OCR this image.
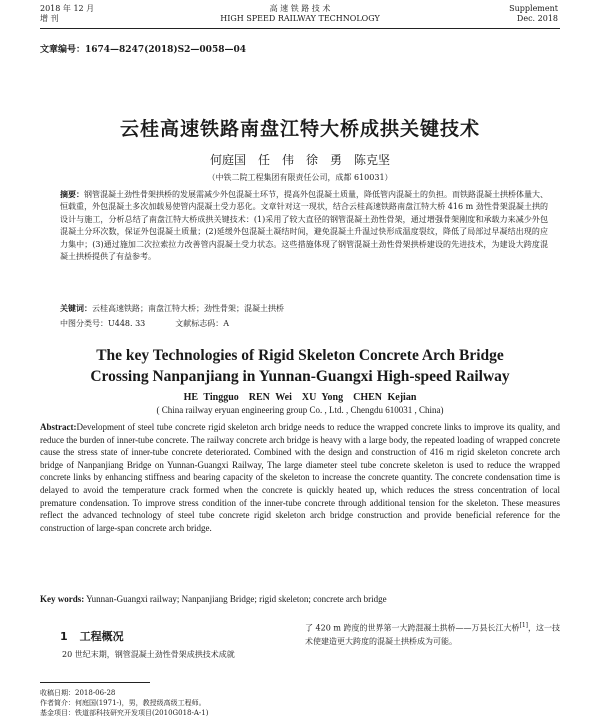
2018 年 12 月
增 刊
高 速 铁 路 技 术
HIGH SPEED RAILWAY TECHNOLOGY
Supplement
Dec. 2018
文章编号：1674—8247(2018)S2—0058—04
云桂高速铁路南盘江特大桥成拱关键技术
何庭国　任　伟　徐　勇　陈克坚
（中铁二院工程集团有限责任公司，成都 610031）
摘要：钢管混凝土劲性骨架拱桥的发展需减少外包混凝土环节，提高外包混凝土质量，降低管内混凝土的负担。而铁路混凝土拱桥体量大、恒载重，外包混凝土多次加载易使管内混凝土受力恶化。文章针对这一现状，结合云桂高速铁路南盘江特大桥 416 m 劲性骨架混凝土拱的设计与施工，分析总结了南盘江特大桥成拱关键技术：(1)采用了较大直径的钢管混凝土劲性骨架，通过增强骨架刚度和承载力来减少外包混凝土分环次数，保证外包混凝土质量；(2)延缓外包混凝土凝结时间，避免混凝土升温过快形成温度裂纹，降低了局部过早凝结出现的应力集中；(3)通过施加二次拉索拉力改善管内混凝土受力状态。这些措施体现了钢管混凝土劲性骨架拱桥建设的先进技术，为建设大跨度混凝土拱桥提供了有益参考。
关键词：云桂高速铁路；南盘江特大桥；劲性骨架；混凝土拱桥
中图分类号：U448. 33	文献标志码：A
The key Technologies of Rigid Skeleton Concrete Arch Bridge
Crossing Nanpanjiang in Yunnan-Guangxi High-speed Railway
HE Tingguo　REN Wei　XU Yong　CHEN Kejian
( China railway eryuan engineering group Co. , Ltd. , Chengdu 610031 , China)
Abstract:Development of steel tube concrete rigid skeleton arch bridge needs to reduce the wrapped concrete links to improve its quality, and reduce the burden of inner-tube concrete. The railway concrete arch bridge is heavy with a large body, the repeated loading of wrapped concrete cause the stress state of inner-tube concrete deteriorated. Combined with the design and construction of 416 m rigid skeleton concrete arch bridge of Nanpanjiang Bridge on Yunnan-Guangxi Railway, The large diameter steel tube concrete skeleton is used to reduce the wrapped concrete links by enhancing stiffness and bearing capacity of the skeleton to increase the concrete quantity. The concrete condensation time is delayed to avoid the temperature crack formed when the concrete is quickly heated up, which reduces the stress concentration of local premature condensation. To improve stress condition of the inner-tube concrete through additional tension for the skeleton. These measures reflect the advanced technology of steel tube concrete rigid skeleton arch bridge construction and provide beneficial reference for the construction of large-span concrete arch bridge.
Key words: Yunnan-Guangxi railway; Nanpanjiang Bridge; rigid skeleton; concrete arch bridge
1 工程概况
20 世纪末期，钢管混凝土劲性骨架成拱技术成就
了 420 m 跨度的世界第一大跨混凝土拱桥——万县长江大桥[1]，这一技术使建造更大跨度的混凝土拱桥成为可能。
收稿日期：2018-06-28
作者简介：何庭国(1971-)，男，教授级高级工程师。
基金项目：铁道部科技研究开发项目(2010G018-A-1)
